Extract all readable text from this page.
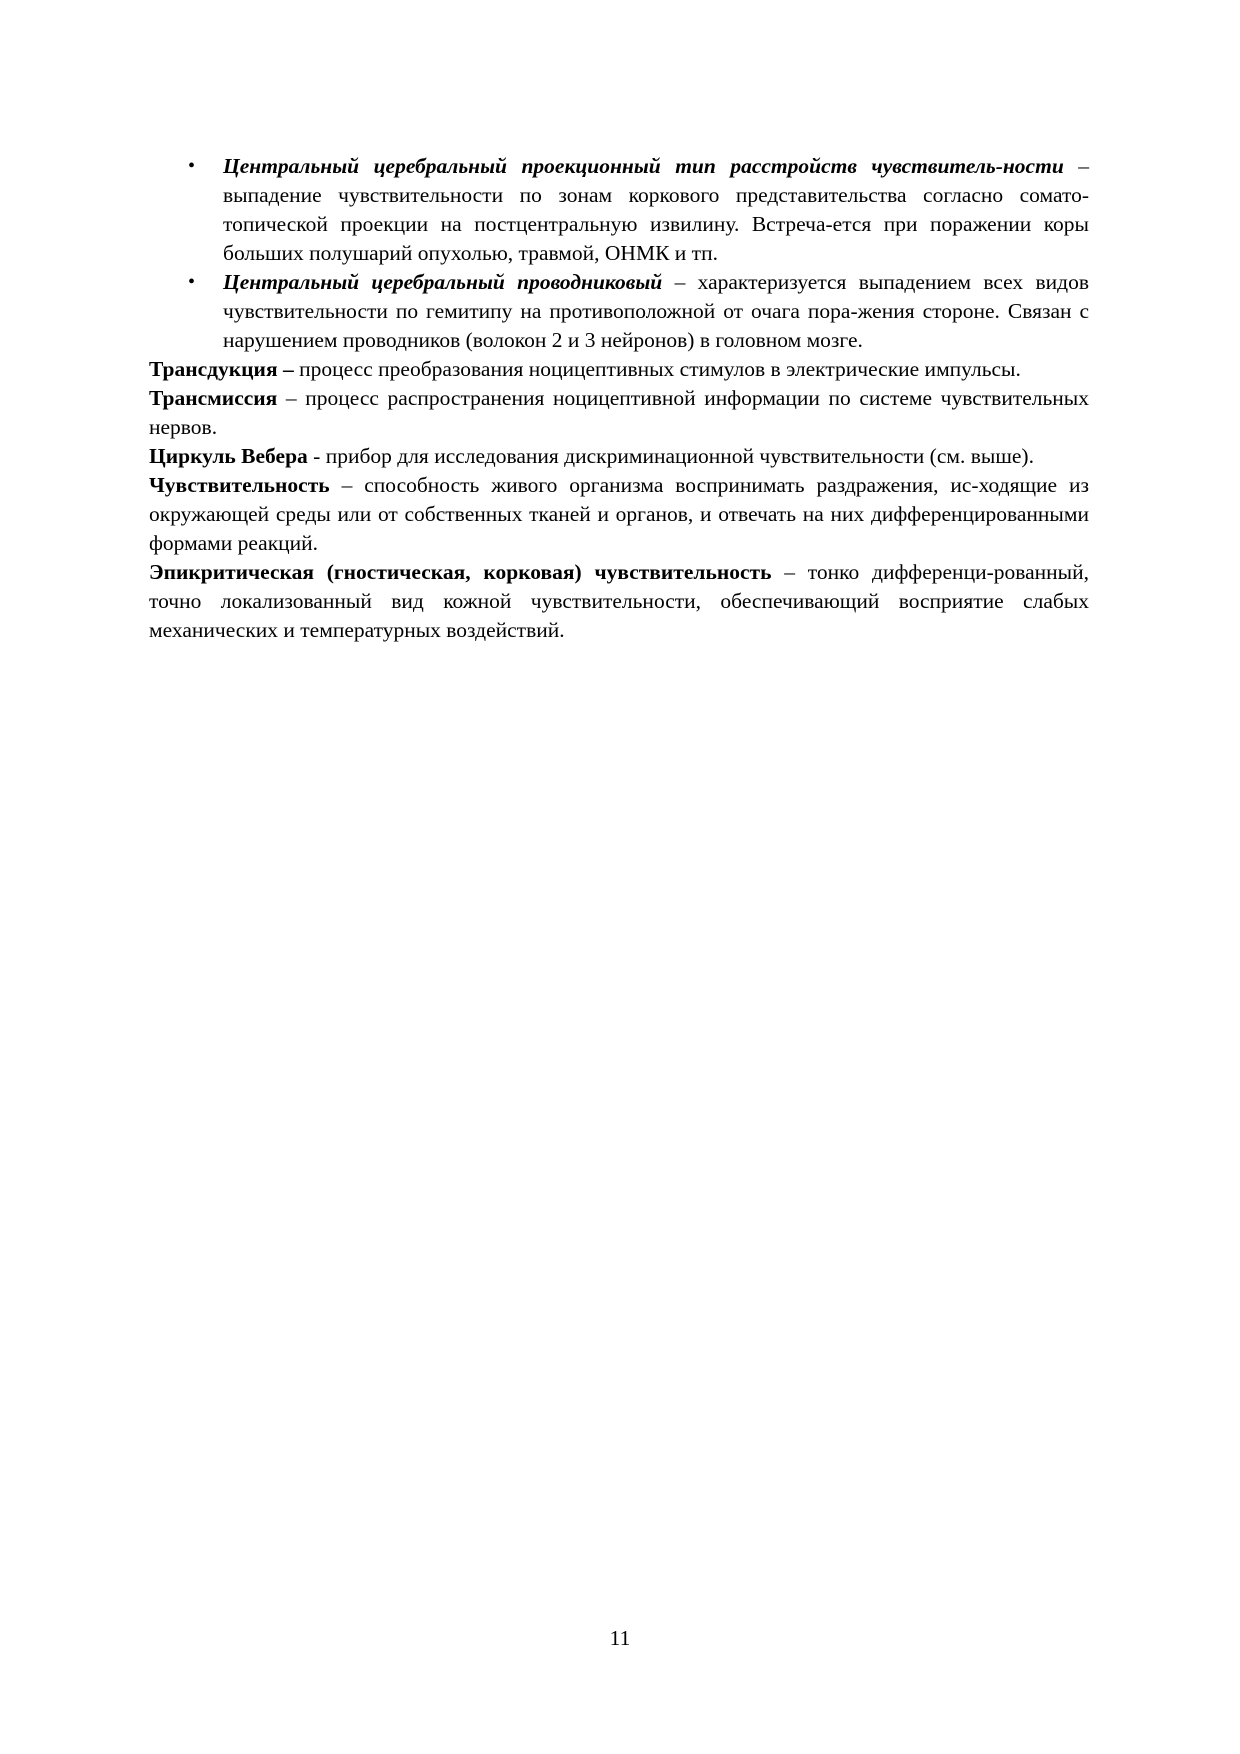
• Центральный церебральный проекционный тип расстройств чувствитель-ности – выпадение чувствительности по зонам коркового представительства согласно сомато-топической проекции на постцентральную извилину. Встреча-ется при поражении коры больших полушарий опухолью, травмой, ОНМК и тп.
• Центральный церебральный проводниковый – характеризуется выпадением всех видов чувствительности по гемитипу на противоположной от очага пора-жения стороне. Связан с нарушением проводников (волокон 2 и 3 нейронов) в головном мозге.

Трансдукция – процесс преобразования ноцицептивных стимулов в электрические импульсы.

Трансмиссия – процесс распространения ноцицептивной информации по системе чувствительных нервов.

Циркуль Вебера - прибор для исследования дискриминационной чувствительности (см. выше).

Чувствительность – способность живого организма воспринимать раздражения, ис-ходящие из окружающей среды или от собственных тканей и органов, и отвечать на них дифференцированными формами реакций.

Эпикритическая (гностическая, корковая) чувствительность – тонко дифференци-рованный, точно локализованный вид кожной чувствительности, обеспечивающий восприятие слабых механических и температурных воздействий.

11
